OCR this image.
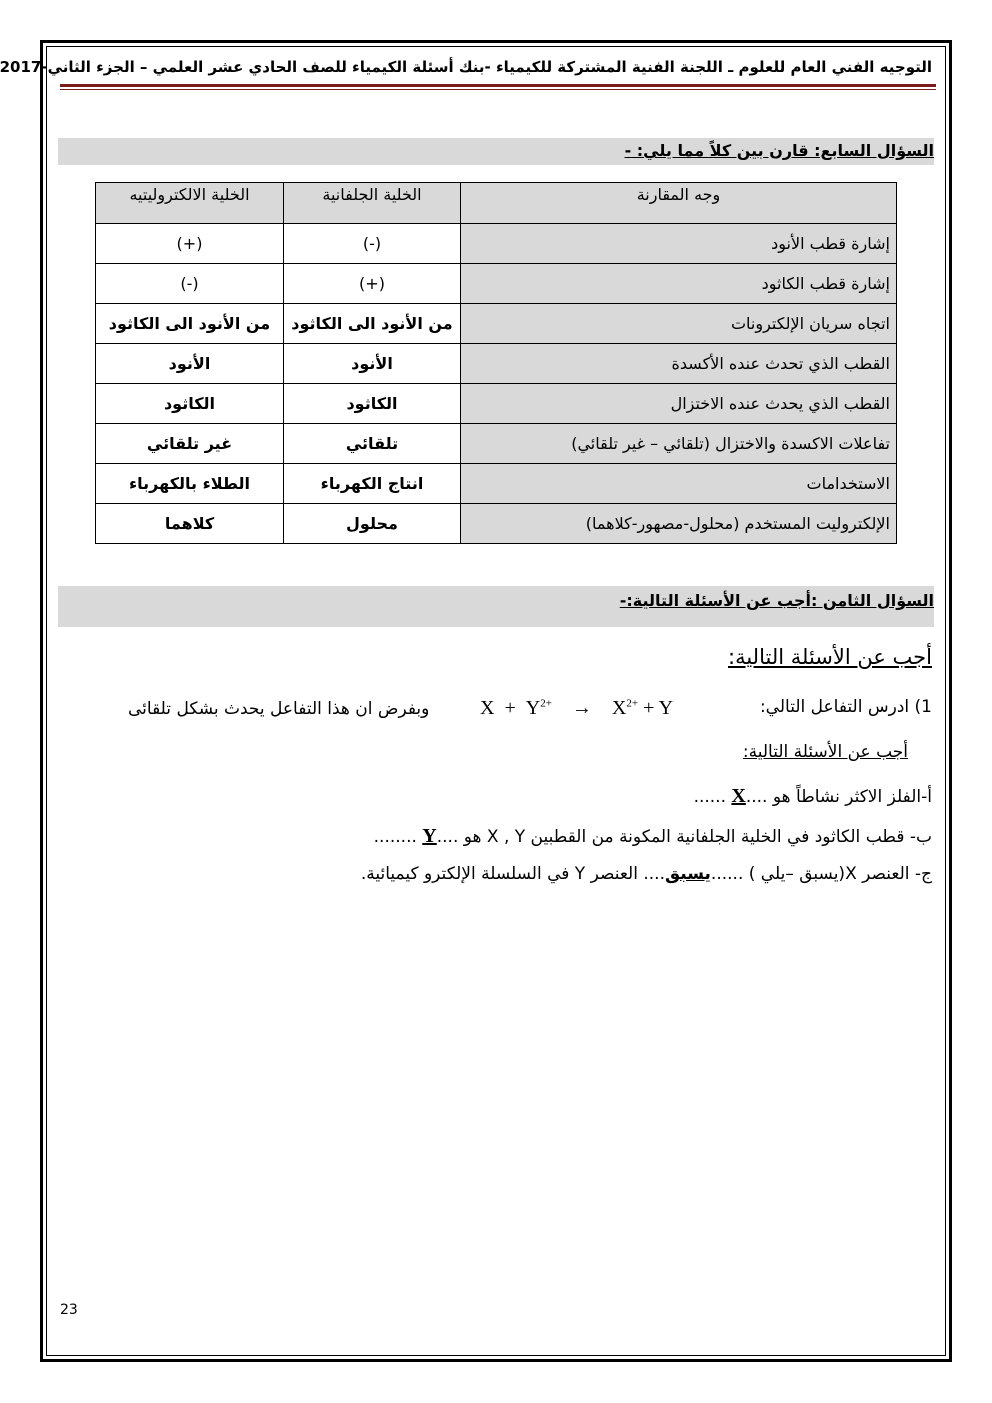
التوجيه الفني العام للعلوم ـ اللجنة الفنية المشتركة للكيمياء -بنك أسئلة الكيمياء للصف الحادي عشر العلمي – الجزء الثاني-2017
السؤال السابع: قارن بين كلاً مما يلي: -
وجه المقارنة	الخلية الجلفانية	الخلية الالكتروليتيه
إشارة قطب الأنود	(-)	(+)
إشارة قطب الكاثود	(+)	(-)
اتجاه سريان الإلكترونات	من الأنود الى الكاثود	من الأنود الى الكاثود
القطب الذي تحدث عنده الأكسدة	الأنود	الأنود
القطب الذي يحدث عنده الاختزال	الكاثود	الكاثود
تفاعلات الاكسدة والاختزال (تلقائي – غير تلقائي)	تلقائي	غير تلقائي
الاستخدامات	انتاج الكهرباء	الطلاء بالكهرباء
الإلكتروليت المستخدم (محلول-مصهور-كلاهما)	محلول	كلاهما
السؤال الثامن :أجب عن الأسئلة التالية:-
أجب عن الأسئلة التالية:
1) ادرس التفاعل التالي:
$X + Y^{2+} \to X^{2+} + Y$
وبفرض ان هذا التفاعل يحدث بشكل تلقائى
أجب عن الأسئلة التالية:
أ-الفلز الاكثر نشاطاً هو ....X ......
ب- قطب الكاثود في الخلية الجلفانية المكونة من القطبين X , Y هو ....Y ........
ج- العنصر X(يسبق –يلي ) ......يسبق.... العنصر Y في السلسلة الإلكترو كيميائية.
23
